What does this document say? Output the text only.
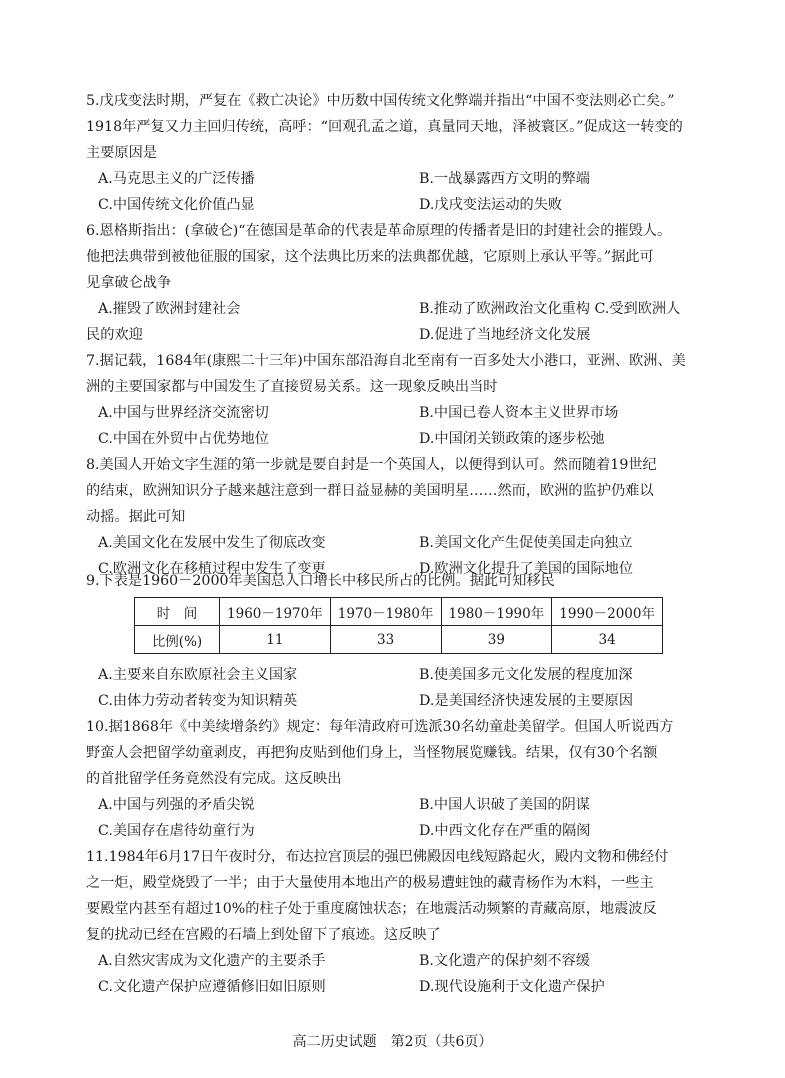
5.戊戌变法时期，严复在《救亡决论》中历数中国传统文化弊端并指出“中国不变法则必亡矣。”
1918年严复又力主回归传统，高呼：“回观孔孟之道，真量同天地，泽被寰区。”促成这一转变的
主要原因是
A.马克思主义的广泛传播	B.一战暴露西方文明的弊端
C.中国传统文化价值凸显	D.戊戌变法运动的失败
6.恩格斯指出：(拿破仑)“在德国是革命的代表是革命原理的传播者是旧的封建社会的摧毁人。
他把法典带到被他征服的国家，这个法典比历来的法典都优越，它原则上承认平等。”据此可
见拿破仑战争
A.摧毁了欧洲封建社会	B.推动了欧洲政治文化重构 C.受到欧洲人
民的欢迎	D.促进了当地经济文化发展
7.据记载，1684年(康熙二十三年)中国东部沿海自北至南有一百多处大小港口，亚洲、欧洲、美
洲的主要国家都与中国发生了直接贸易关系。这一现象反映出当时
A.中国与世界经济交流密切	B.中国已卷人资本主义世界市场
C.中国在外贸中占优势地位	D.中国闭关锁政策的逐步松弛
8.美国人开始文字生涯的第一步就是要自封是一个英国人，以便得到认可。然而随着19世纪
的结束，欧洲知识分子越来越注意到一群日益显赫的美国明星……然而，欧洲的监护仍难以
动摇。据此可知
A.美国文化在发展中发生了彻底改变	B.美国文化产生促使美国走向独立
C.欧洲文化在移植过程中发生了变更	D.欧洲文化提升了美国的国际地位
9.下表是1960－2000年美国总人口增长中移民所占的比例。据此可知移民
时　间	1960－1970年	1970－1980年	1980－1990年	1990－2000年
比例(%)	11	33	39	34
A.主要来自东欧原社会主义国家	B.使美国多元文化发展的程度加深
C.由体力劳动者转变为知识精英	D.是美国经济快速发展的主要原因
10.据1868年《中美续增条约》规定：每年清政府可选派30名幼童赴美留学。但国人听说西方
野蛮人会把留学幼童剥皮，再把狗皮贴到他们身上，当怪物展览赚钱。结果，仅有30个名额
的首批留学任务竟然没有完成。这反映出
A.中国与列强的矛盾尖锐	B.中国人识破了美国的阴谋
C.美国存在虐待幼童行为	D.中西文化存在严重的隔阂
11.1984年6月17日午夜时分，布达拉宫顶层的强巴佛殿因电线短路起火，殿内文物和佛经付
之一炬，殿堂烧毁了一半；由于大量使用本地出产的极易遭蛀蚀的藏青杨作为木料，一些主
要殿堂内甚至有超过10%的柱子处于重度腐蚀状态；在地震活动频繁的青藏高原，地震波反
复的扰动已经在宫殿的石墙上到处留下了痕迹。这反映了
A.自然灾害成为文化遗产的主要杀手	B.文化遗产的保护刻不容缓
C.文化遗产保护应遵循修旧如旧原则	D.现代设施利于文化遗产保护
高二历史试题　第2页（共6页）
